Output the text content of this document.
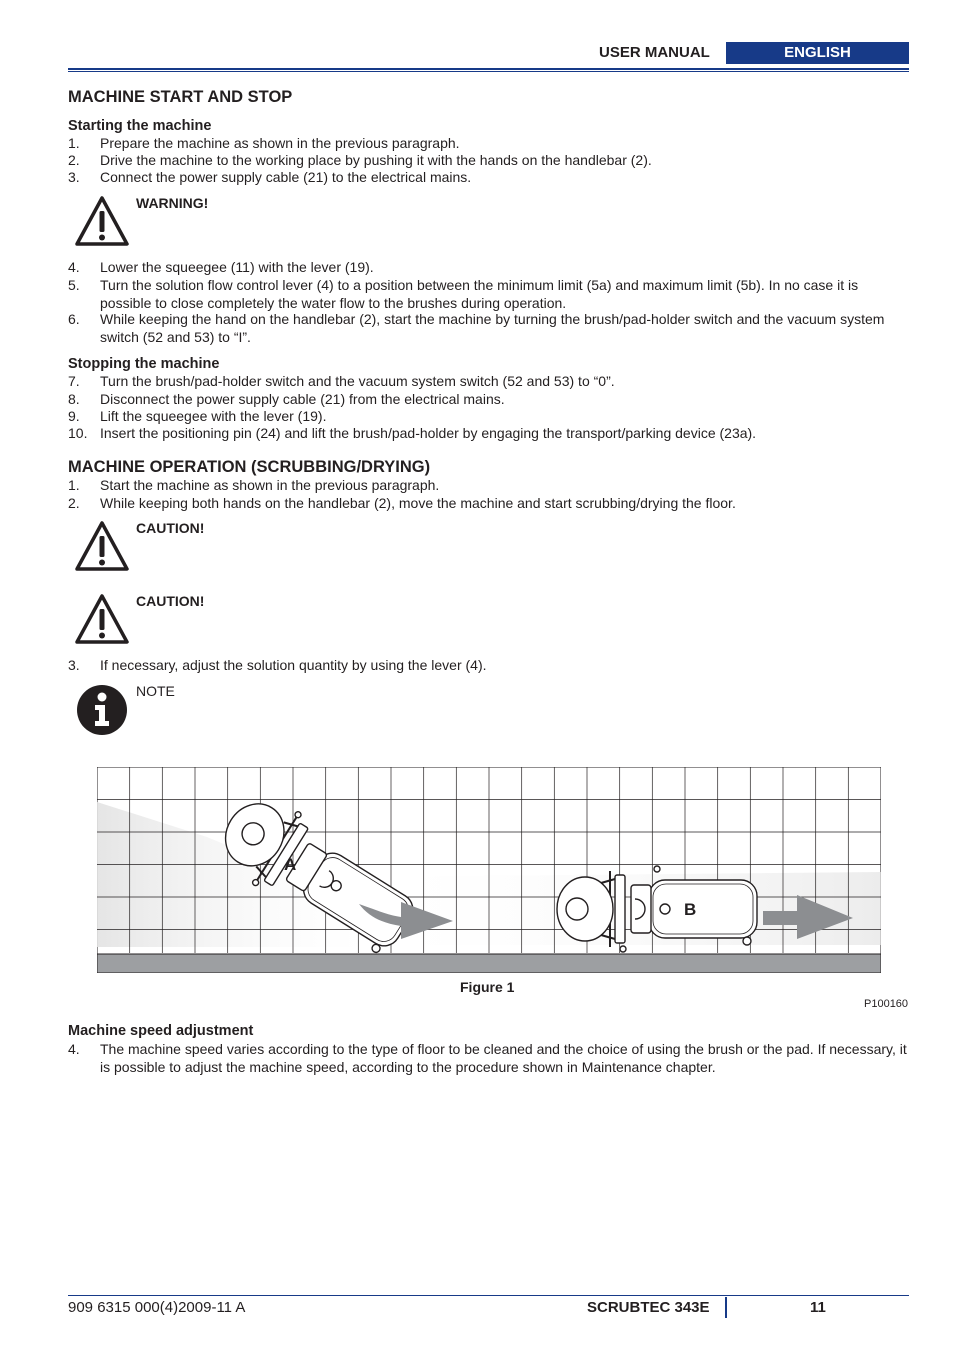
USER MANUAL	ENGLISH
MACHINE START AND STOP
Starting the machine
1. Prepare the machine as shown in the previous paragraph.
2. Drive the machine to the working place by pushing it with the hands on the handlebar (2).
3. Connect the power supply cable (21) to the electrical mains.
WARNING!
4. Lower the squeegee (11) with the lever (19).
5. Turn the solution flow control lever (4) to a position between the minimum limit (5a) and maximum limit (5b). In no case it is possible to close completely the water flow to the brushes during operation.
6. While keeping the hand on the handlebar (2), start the machine by turning the brush/pad-holder switch and the vacuum system switch (52 and 53) to “I”.
Stopping the machine
7. Turn the brush/pad-holder switch and the vacuum system switch (52 and 53) to “0”.
8. Disconnect the power supply cable (21) from the electrical mains.
9. Lift the squeegee with the lever (19).
10. Insert the positioning pin (24) and lift the brush/pad-holder by engaging the transport/parking device (23a).
MACHINE OPERATION (SCRUBBING/DRYING)
1. Start the machine as shown in the previous paragraph.
2. While keeping both hands on the handlebar (2), move the machine and start scrubbing/drying the floor.
CAUTION!
CAUTION!
3. If necessary, adjust the solution quantity by using the lever (4).
NOTE
A
B
Figure 1
P100160
Machine speed adjustment
4. The machine speed varies according to the type of floor to be cleaned and the choice of using the brush or the pad. If necessary, it is possible to adjust the machine speed, according to the procedure shown in Maintenance chapter.
909 6315 000(4)2009-11 A	SCRUBTEC 343E	11
